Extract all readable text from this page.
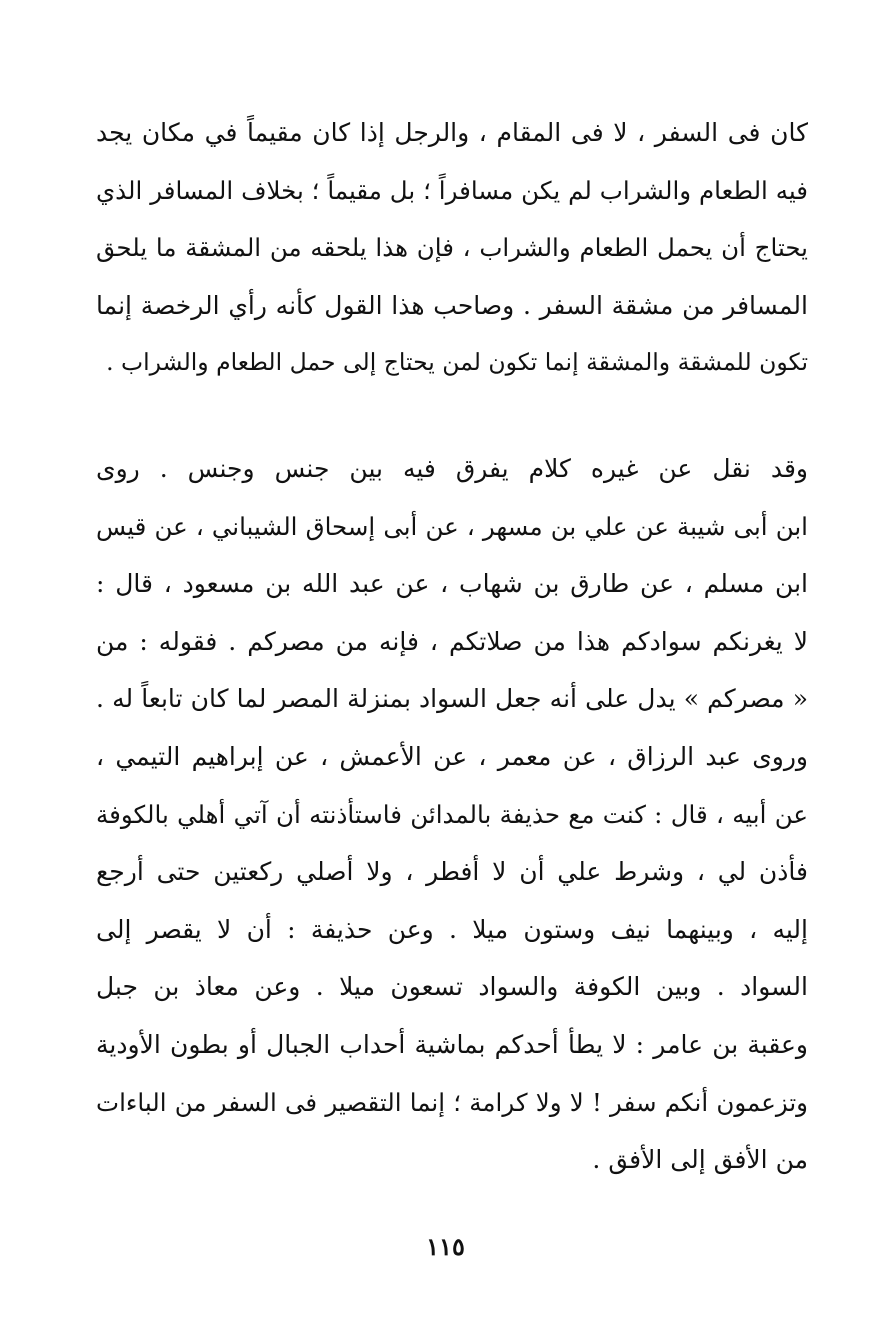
كان فى السفر ، لا فى المقام ، والرجل إذا كان مقيماً في مكان يجد
فيه الطعام والشراب لم يكن مسافراً ؛ بل مقيماً ؛ بخلاف المسافر الذي
يحتاج أن يحمل الطعام والشراب ، فإن هذا يلحقه من المشقة ما يلحق
المسافر من مشقة السفر . وصاحب هذا القول كأنه رأي الرخصة إنما
تكون للمشقة والمشقة إنما تكون لمن يحتاج إلى حمل الطعام والشراب .
وقد نقل عن غيره كلام يفرق فيه بين جنس وجنس . روى
ابن أبى شيبة عن علي بن مسهر ، عن أبى إسحاق الشيباني ، عن قيس
ابن مسلم ، عن طارق بن شهاب ، عن عبد الله بن مسعود ، قال :
لا يغرنكم سوادكم هذا من صلاتكم ، فإنه من مصركم . فقوله : من
« مصركم » يدل على أنه جعل السواد بمنزلة المصر لما كان تابعاً له .
وروى عبد الرزاق ، عن معمر ، عن الأعمش ، عن إبراهيم التيمي ،
عن أبيه ، قال : كنت مع حذيفة بالمدائن فاستأذنته أن آتي أهلي بالكوفة
فأذن لي ، وشرط علي أن لا أفطر ، ولا أصلي ركعتين حتى أرجع
إليه ، وبينهما نيف وستون ميلا . وعن حذيفة : أن لا يقصر إلى
السواد . وبين الكوفة والسواد تسعون ميلا . وعن معاذ بن جبل
وعقبة بن عامر : لا يطأ أحدكم بماشية أحداب الجبال أو بطون الأودية
وتزعمون أنكم سفر ! لا ولا كرامة ؛ إنما التقصير فى السفر من الباءات
من الأفق إلى الأفق .
١١٥
